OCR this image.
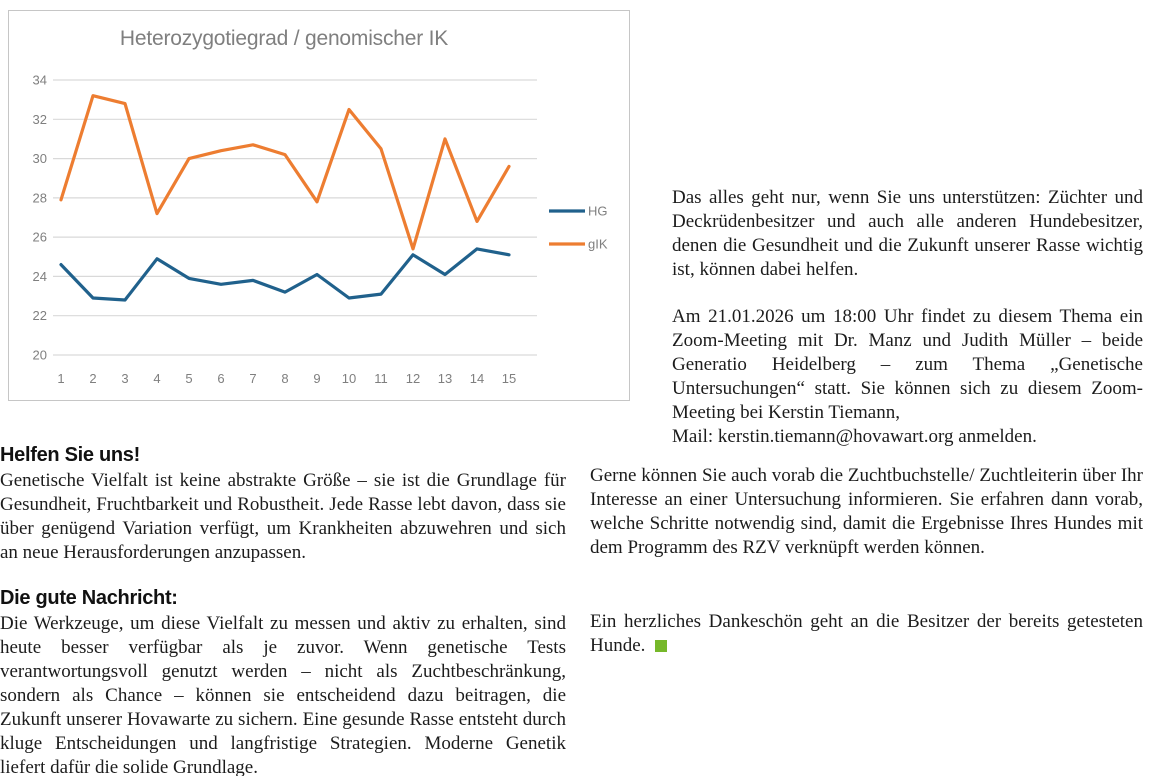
20
22
24
26
28
30
32
34
1 2 3 4 5 6 7 8 9 10 11 12 13 14 15
HG
gIK
Heterozygotiegrad / genomischer IK
Helfen Sie uns!

Genetische Vielfalt ist keine abstrakte Größe – sie ist die Grundlage für Gesundheit, Fruchtbarkeit und Robustheit. Jede Rasse lebt davon, dass sie über genügend Variation verfügt, um Krankheiten abzuwehren und sich an neue Herausforderungen anzupassen.

Die gute Nachricht:

Die Werkzeuge, um diese Vielfalt zu messen und aktiv zu erhalten, sind heute besser verfügbar als je zuvor. Wenn genetische Tests verantwortungsvoll genutzt werden – nicht als Zuchtbeschränkung, sondern als Chance – können sie entscheidend dazu beitragen, die Zukunft unserer Hovawarte zu sichern. Eine gesunde Rasse entsteht durch kluge Entscheidungen und langfristige Strategien. Moderne Genetik liefert dafür die solide Grundlage.

Das alles geht nur, wenn Sie uns unterstützen: Züchter und Deckrüdenbesitzer und auch alle anderen Hundebesitzer, denen die Gesundheit und die Zukunft unserer Rasse wichtig ist, können dabei helfen.

Am 21.01.2026 um 18:00 Uhr findet zu diesem Thema ein Zoom-Meeting mit Dr. Manz und Judith Müller – beide Generatio Heidelberg – zum Thema „Genetische Untersuchungen“ statt. Sie können sich zu diesem Zoom-Meeting bei Kerstin Tiemann,

Mail: kerstin.tiemann@hovawart.org anmelden.

Gerne können Sie auch vorab die Zuchtbuchstelle/ Zuchtleiterin über Ihr Interesse an einer Untersuchung informieren. Sie erfahren dann vorab, welche Schritte notwendig sind, damit die Ergebnisse Ihres Hundes mit dem Programm des RZV verknüpft werden können.

Ein herzliches Dankeschön geht an die Besitzer der bereits getesteten Hunde.
